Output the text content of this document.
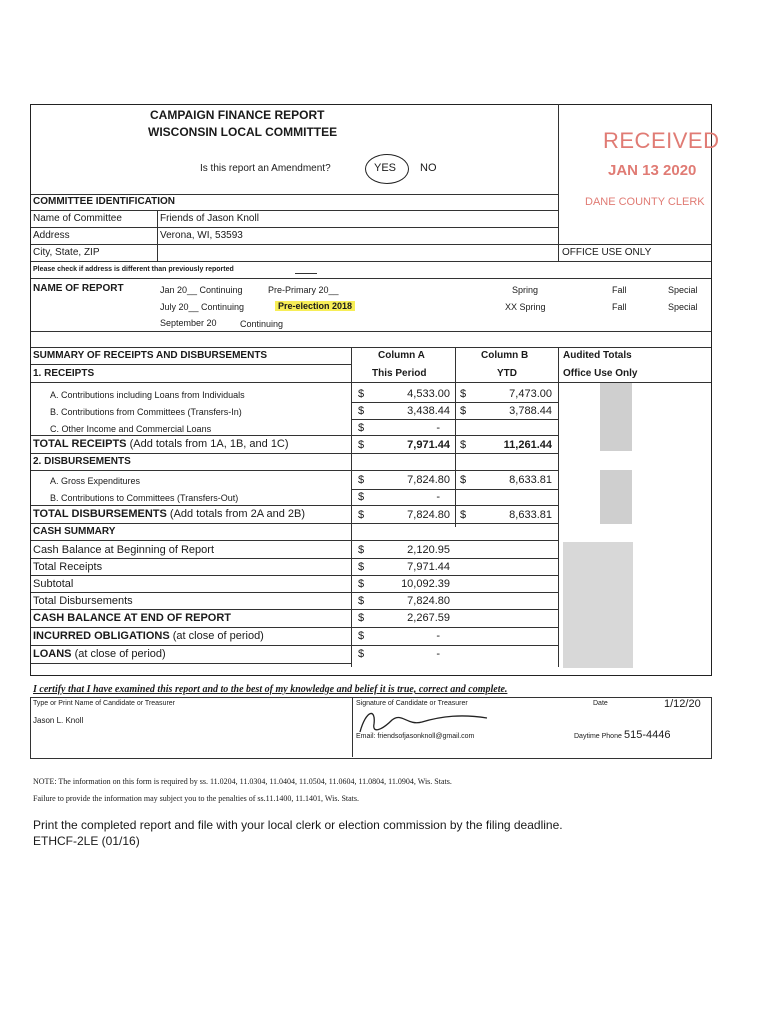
CAMPAIGN FINANCE REPORT
WISCONSIN LOCAL COMMITTEE
Is this report an Amendment?	YES NO
RECEIVED
JAN 13 2020
DANE COUNTY CLERK
COMMITTEE IDENTIFICATION
Name of Committee	Friends of Jason Knoll
Address	Verona, WI, 53593
City, State, ZIP	OFFICE USE ONLY
Please check if address is different than previously reported
NAME OF REPORT	Jan 20__ Continuing	Pre-Primary 20__
July 20__ Continuing	Pre-election 2018
September 20	Continuing
Spring
XX Spring
Fall
Fall
Special
Special
SUMMARY OF RECEIPTS AND DISBURSEMENTS	Column A
This Period
Column B
YTD
Audited Totals
Office Use Only
1. RECEIPTS
A. Contributions including Loans from Individuals	$	4,533.00 $	7,473.00
B. Contributions from Committees (Transfers-In)	$	3,438.44 $	3,788.44
C. Other Income and Commercial Loans	$	-
TOTAL RECEIPTS (Add totals from 1A, 1B, and 1C)	$	7,971.44 $	11,261.44
2. DISBURSEMENTS
A. Gross Expenditures	$	7,824.80 $	8,633.81
B. Contributions to Committees (Transfers-Out)	$	-
TOTAL DISBURSEMENTS (Add totals from 2A and 2B)	$	7,824.80 $	8,633.81
CASH SUMMARY
Cash Balance at Beginning of Report	$	2,120.95
Total Receipts	$	7,971.44
Subtotal	$	10,092.39
Total Disbursements	$	7,824.80
CASH BALANCE AT END OF REPORT	$	2,267.59
INCURRED OBLIGATIONS (at close of period)	$	-
LOANS (at close of period)	$	-
I certify that I have examined this report and to the best of my knowledge and belief it is true, correct and complete.
Type or Print Name of Candidate or Treasurer
Jason L. Knoll
Signature of Candidate or Treasurer
Email: friendsofjasonknoll@gmail.com
Date	1/12/20
Daytime Phone 515-4446
NOTE: The information on this form is required by ss. 11.0204, 11.0304, 11.0404, 11.0504, 11.0604, 11.0804, 11.0904, Wis. Stats.
Failure to provide the information may subject you to the penalties of ss.11.1400, 11.1401, Wis. Stats.
Print the completed report and file with your local clerk or election commission by the filing deadline.
ETHCF-2LE (01/16)
